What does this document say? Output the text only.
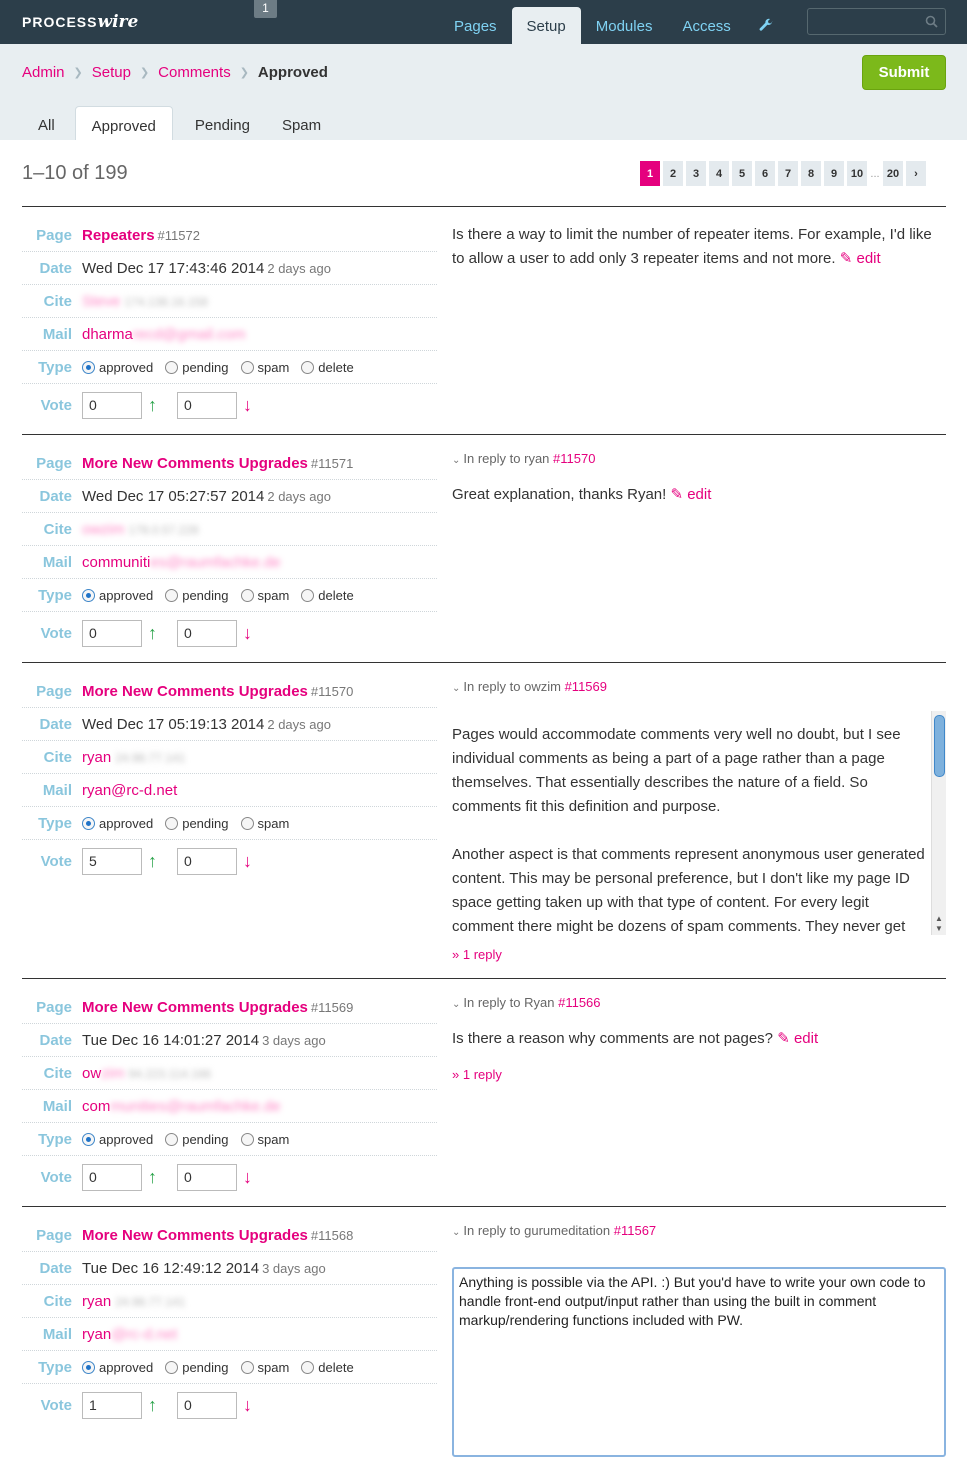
PROCESSwire
1
Pages	Setup	Modules	Access
Admin ❯ Setup ❯ Comments ❯ Approved	Submit
All	Approved	Pending	Spam
1–10 of 199	1	2	3	4	5	6	7	8	9	10 ... 20	›
Page Repeaters #11572
Date Wed Dec 17 17:43:46 2014 2 days ago
Cite Steve 174.138.16.158
Mail dharmarecd@gmail.com
Type approved pending spam delete
Vote	0	↑	0	↓
Is there a way to limit the number of repeater items. For example, I'd like to allow a user to add only 3 repeater items and not more. ✎ edit
Page More New Comments Upgrades #11571
Date Wed Dec 17 05:27:57 2014 2 days ago
Cite owzim 178.0.57.228
Mail communities@raumfachke.de
Type approved pending spam delete
Vote	0	↑	0	↓
⌄ In reply to ryan #11570
Great explanation, thanks Ryan! ✎ edit
Page More New Comments Upgrades #11570
Date Wed Dec 17 05:19:13 2014 2 days ago
Cite ryan 24.98.77.141
Mail ryan@rc-d.net
Type approved pending spam
Vote	5	↑	0	↓
⌄ In reply to owzim #11569

Pages would accommodate comments very well no doubt, but I see individual comments as being a part of a page rather than a page themselves. That essentially describes the nature of a field. So comments fit this definition and purpose.

Another aspect is that comments represent anonymous user generated content. This may be personal preference, but I don't like my page ID space getting taken up with that type of content. For every legit comment there might be dozens of spam comments. They never get	▲
▼
» 1 reply
Page More New Comments Upgrades #11569
Date Tue Dec 16 14:01:27 2014 3 days ago
Cite owzim 94.223.114.166
Mail communities@raumfachke.de
Type approved pending spam
Vote	0	↑	0	↓
⌄ In reply to Ryan #11566
Is there a reason why comments are not pages? ✎ edit
» 1 reply
Page More New Comments Upgrades #11568
Date Tue Dec 16 12:49:12 2014 3 days ago
Cite ryan 24.98.77.141
Mail ryan@rc-d.net
Type approved pending spam delete
Vote	1	↑	0	↓
⌄ In reply to gurumeditation #11567
Anything is possible via the API. :) But you'd have to write your own code to handle front-end output/input rather than using the built in comment markup/rendering functions included with PW.
